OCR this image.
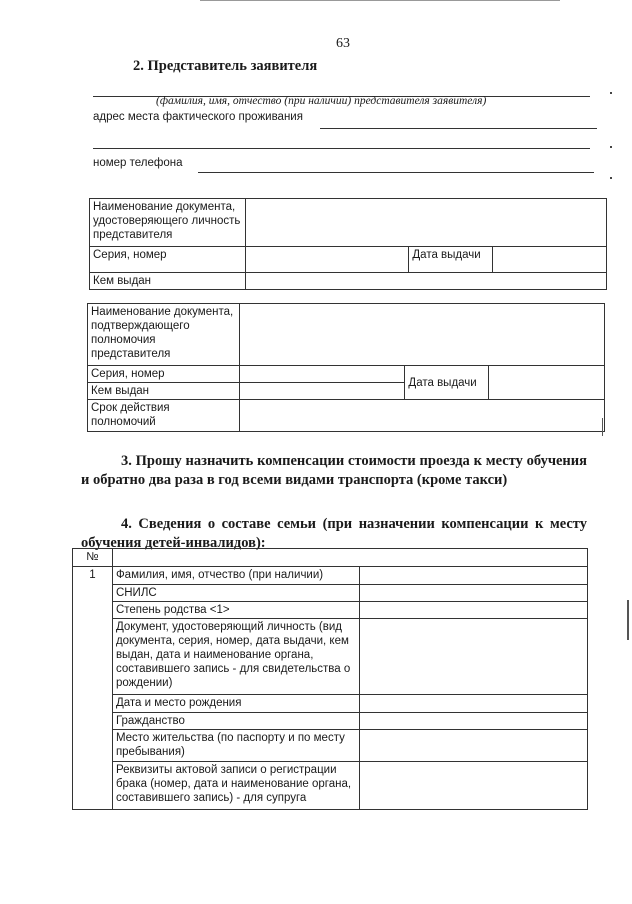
63
2. Представитель заявителя
(фамилия, имя, отчество (при наличии) представителя заявителя)
адрес места фактического проживания
номер телефона
Наименование документа, удостоверяющего личность представителя			
Серия, номер		Дата выдачи	
Кем выдан			
Наименование документа, подтверждающего полномочия представителя			
Серия, номер		Дата выдачи	
Кем выдан			
Срок действия полномочий			
3. Прошу назначить компенсации стоимости проезда к месту обучения и обратно два раза в год всеми видами транспорта (кроме такси)
4. Сведения о составе семьи (при назначении компенсации к месту обучения детей-инвалидов):
№		
1	Фамилия, имя, отчество (при наличии)	
	СНИЛС	
	Степень родства <1>	
	Документ, удостоверяющий личность (вид документа, серия, номер, дата выдачи, кем выдан, дата и наименование органа, составившего запись - для свидетельства о рождении)	
	Дата и место рождения	
	Гражданство	
	Место жительства (по паспорту и по месту пребывания)	
	Реквизиты актовой записи о регистрации брака (номер, дата и наименование органа, составившего запись) - для супруга	
